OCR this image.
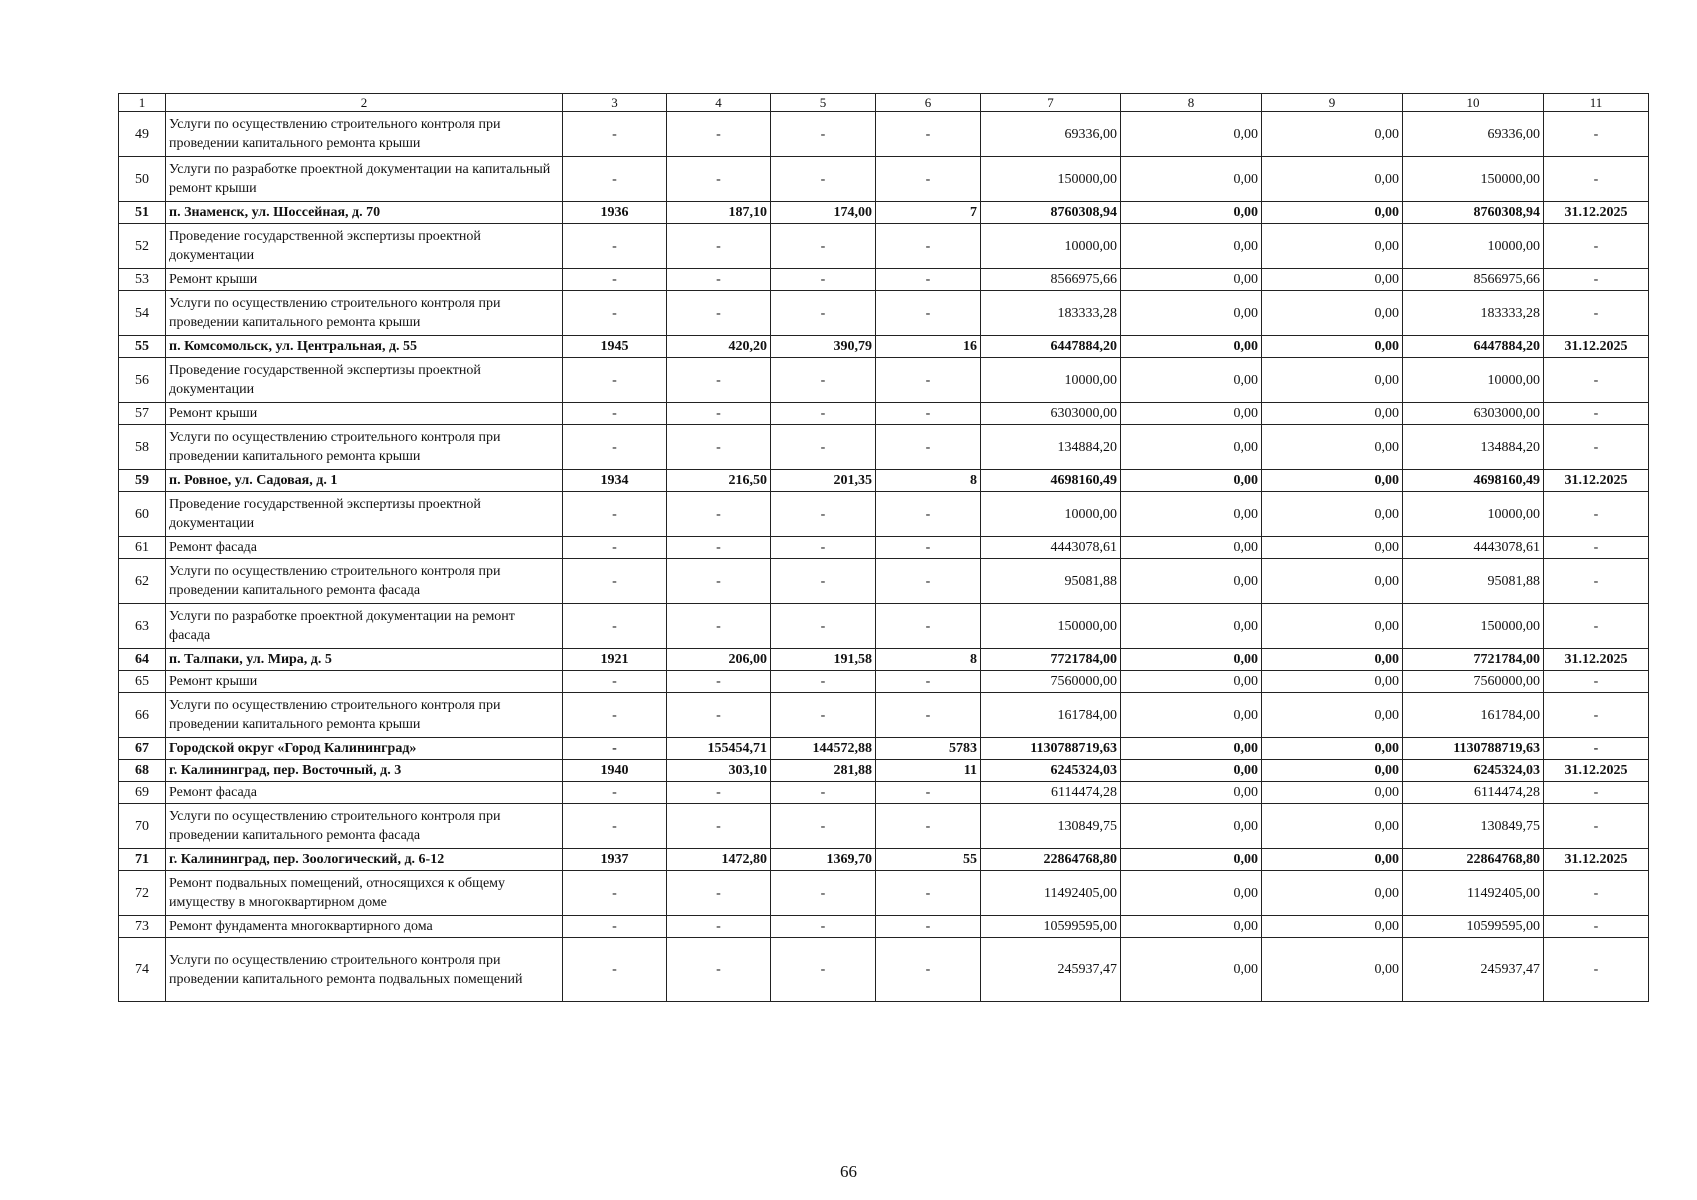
1	2	3	4	5	6	7	8	9	10	11
49	Услуги по осуществлению строительного контроля при проведении капитального ремонта крыши	-	-	-	-	69336,00	0,00	0,00	69336,00	-
50	Услуги по разработке проектной документации на капитальный ремонт крыши	-	-	-	-	150000,00	0,00	0,00	150000,00	-
51	п. Знаменск, ул. Шоссейная, д. 70	1936	187,10	174,00	7	8760308,94	0,00	0,00	8760308,94	31.12.2025
52	Проведение государственной экспертизы проектной документации	-	-	-	-	10000,00	0,00	0,00	10000,00	-
53	Ремонт крыши	-	-	-	-	8566975,66	0,00	0,00	8566975,66	-
54	Услуги по осуществлению строительного контроля при проведении капитального ремонта крыши	-	-	-	-	183333,28	0,00	0,00	183333,28	-
55	п. Комсомольск, ул. Центральная, д. 55	1945	420,20	390,79	16	6447884,20	0,00	0,00	6447884,20	31.12.2025
56	Проведение государственной экспертизы проектной документации	-	-	-	-	10000,00	0,00	0,00	10000,00	-
57	Ремонт крыши	-	-	-	-	6303000,00	0,00	0,00	6303000,00	-
58	Услуги по осуществлению строительного контроля при проведении капитального ремонта крыши	-	-	-	-	134884,20	0,00	0,00	134884,20	-
59	п. Ровное, ул. Садовая, д. 1	1934	216,50	201,35	8	4698160,49	0,00	0,00	4698160,49	31.12.2025
60	Проведение государственной экспертизы проектной документации	-	-	-	-	10000,00	0,00	0,00	10000,00	-
61	Ремонт фасада	-	-	-	-	4443078,61	0,00	0,00	4443078,61	-
62	Услуги по осуществлению строительного контроля при проведении капитального ремонта фасада	-	-	-	-	95081,88	0,00	0,00	95081,88	-
63	Услуги по разработке проектной документации на ремонт фасада	-	-	-	-	150000,00	0,00	0,00	150000,00	-
64	п. Талпаки, ул. Мира, д. 5	1921	206,00	191,58	8	7721784,00	0,00	0,00	7721784,00	31.12.2025
65	Ремонт крыши	-	-	-	-	7560000,00	0,00	0,00	7560000,00	-
66	Услуги по осуществлению строительного контроля при проведении капитального ремонта крыши	-	-	-	-	161784,00	0,00	0,00	161784,00	-
67	Городской округ «Город Калининград»	-	155454,71	144572,88	5783	1130788719,63	0,00	0,00	1130788719,63	-
68	г. Калининград, пер. Восточный, д. 3	1940	303,10	281,88	11	6245324,03	0,00	0,00	6245324,03	31.12.2025
69	Ремонт фасада	-	-	-	-	6114474,28	0,00	0,00	6114474,28	-
70	Услуги по осуществлению строительного контроля при проведении капитального ремонта фасада	-	-	-	-	130849,75	0,00	0,00	130849,75	-
71	г. Калининград, пер. Зоологический, д. 6-12	1937	1472,80	1369,70	55	22864768,80	0,00	0,00	22864768,80	31.12.2025
72	Ремонт подвальных помещений, относящихся к общему имуществу в многоквартирном доме	-	-	-	-	11492405,00	0,00	0,00	11492405,00	-
73	Ремонт фундамента многоквартирного дома	-	-	-	-	10599595,00	0,00	0,00	10599595,00	-
74	Услуги по осуществлению строительного контроля при проведении капитального ремонта подвальных помещений	-	-	-	-	245937,47	0,00	0,00	245937,47	-
66
